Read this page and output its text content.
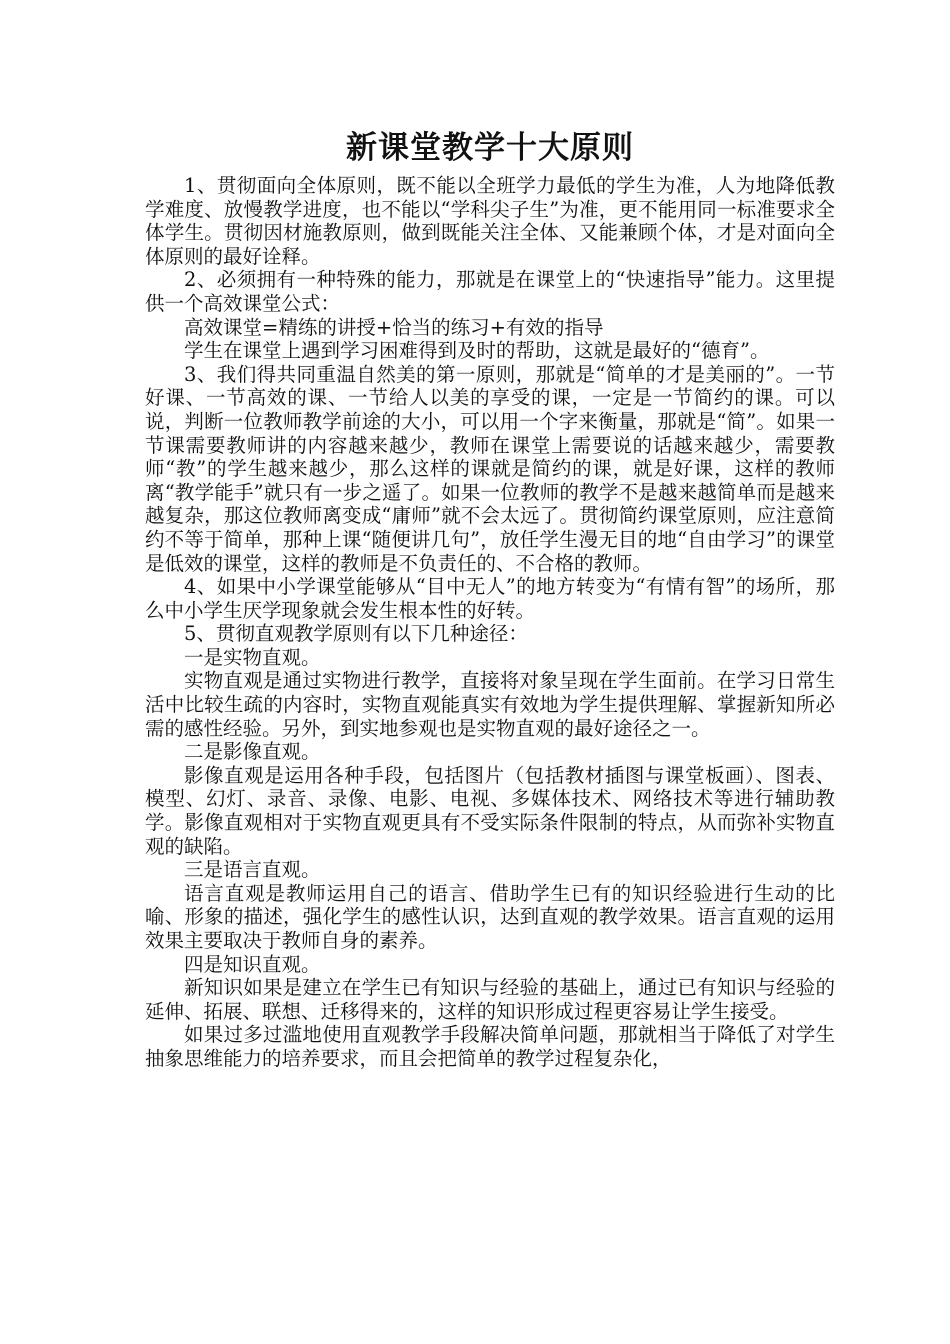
新课堂教学十大原则

1、贯彻面向全体原则，既不能以全班学力最低的学生为准，人为地降低教学难度、放慢教学进度，也不能以“学科尖子生”为准，更不能用同一标准要求全体学生。贯彻因材施教原则，做到既能关注全体、又能兼顾个体，才是对面向全体原则的最好诠释。

2、必须拥有一种特殊的能力，那就是在课堂上的“快速指导”能力。这里提供一个高效课堂公式：

高效课堂=精练的讲授+恰当的练习+有效的指导

学生在课堂上遇到学习困难得到及时的帮助，这就是最好的“德育”。

3、我们得共同重温自然美的第一原则，那就是“简单的才是美丽的”。一节好课、一节高效的课、一节给人以美的享受的课，一定是一节简约的课。可以说，判断一位教师教学前途的大小，可以用一个字来衡量，那就是“简”。如果一节课需要教师讲的内容越来越少，教师在课堂上需要说的话越来越少，需要教师“教”的学生越来越少，那么这样的课就是简约的课，就是好课，这样的教师离“教学能手”就只有一步之遥了。如果一位教师的教学不是越来越简单而是越来越复杂，那这位教师离变成“庸师”就不会太远了。贯彻简约课堂原则，应注意简约不等于简单，那种上课“随便讲几句”，放任学生漫无目的地“自由学习”的课堂是低效的课堂，这样的教师是不负责任的、不合格的教师。

4、如果中小学课堂能够从“目中无人”的地方转变为“有情有智”的场所，那么中小学生厌学现象就会发生根本性的好转。

5、贯彻直观教学原则有以下几种途径：

一是实物直观。

实物直观是通过实物进行教学，直接将对象呈现在学生面前。在学习日常生活中比较生疏的内容时，实物直观能真实有效地为学生提供理解、掌握新知所必需的感性经验。另外，到实地参观也是实物直观的最好途径之一。

二是影像直观。

影像直观是运用各种手段，包括图片（包括教材插图与课堂板画）、图表、模型、幻灯、录音、录像、电影、电视、多媒体技术、网络技术等进行辅助教学。影像直观相对于实物直观更具有不受实际条件限制的特点，从而弥补实物直观的缺陷。

三是语言直观。

语言直观是教师运用自己的语言、借助学生已有的知识经验进行生动的比喻、形象的描述，强化学生的感性认识，达到直观的教学效果。语言直观的运用效果主要取决于教师自身的素养。

四是知识直观。

新知识如果是建立在学生已有知识与经验的基础上，通过已有知识与经验的延伸、拓展、联想、迁移得来的，这样的知识形成过程更容易让学生接受。

如果过多过滥地使用直观教学手段解决简单问题，那就相当于降低了对学生抽象思维能力的培养要求，而且会把简单的教学过程复杂化，
